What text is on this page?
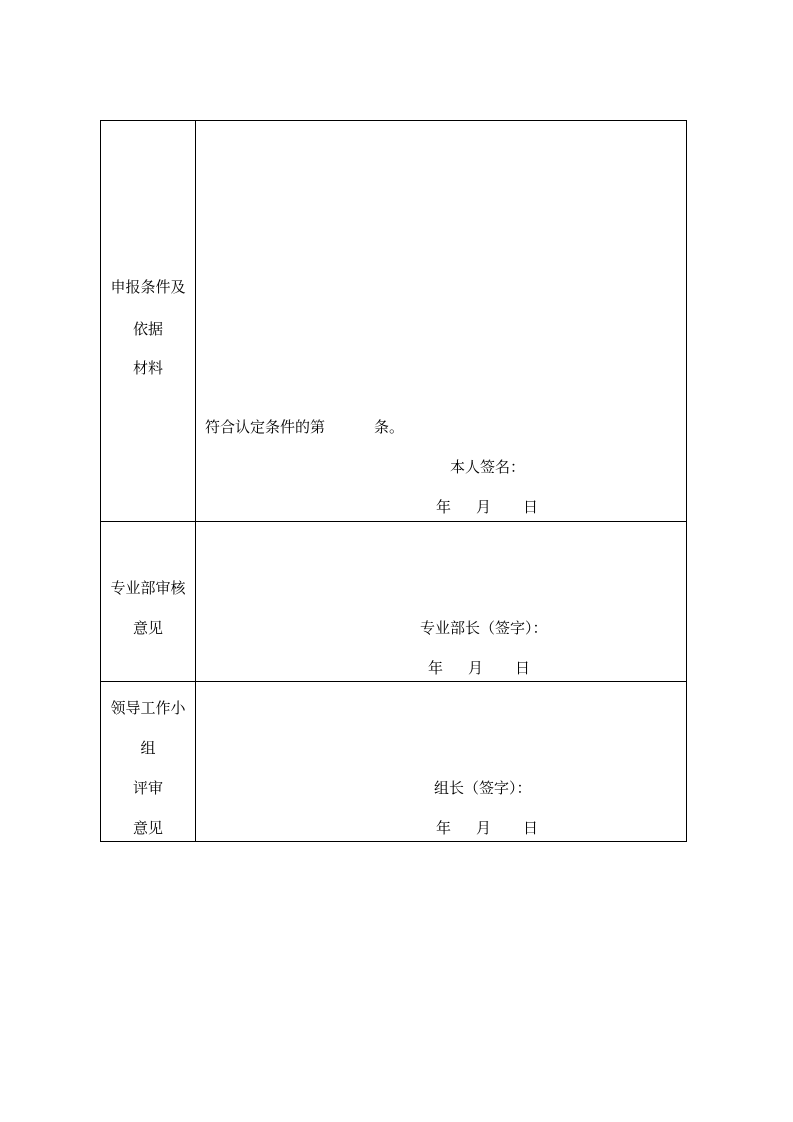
申报条件及
依据
材料
符合认定条件的第	条。
本人签名：
年 月 日
专业部审核
意见	专业部长（签字）：
年 月 日
领导工作小
组
评审
意见
组长（签字）：
年 月 日
